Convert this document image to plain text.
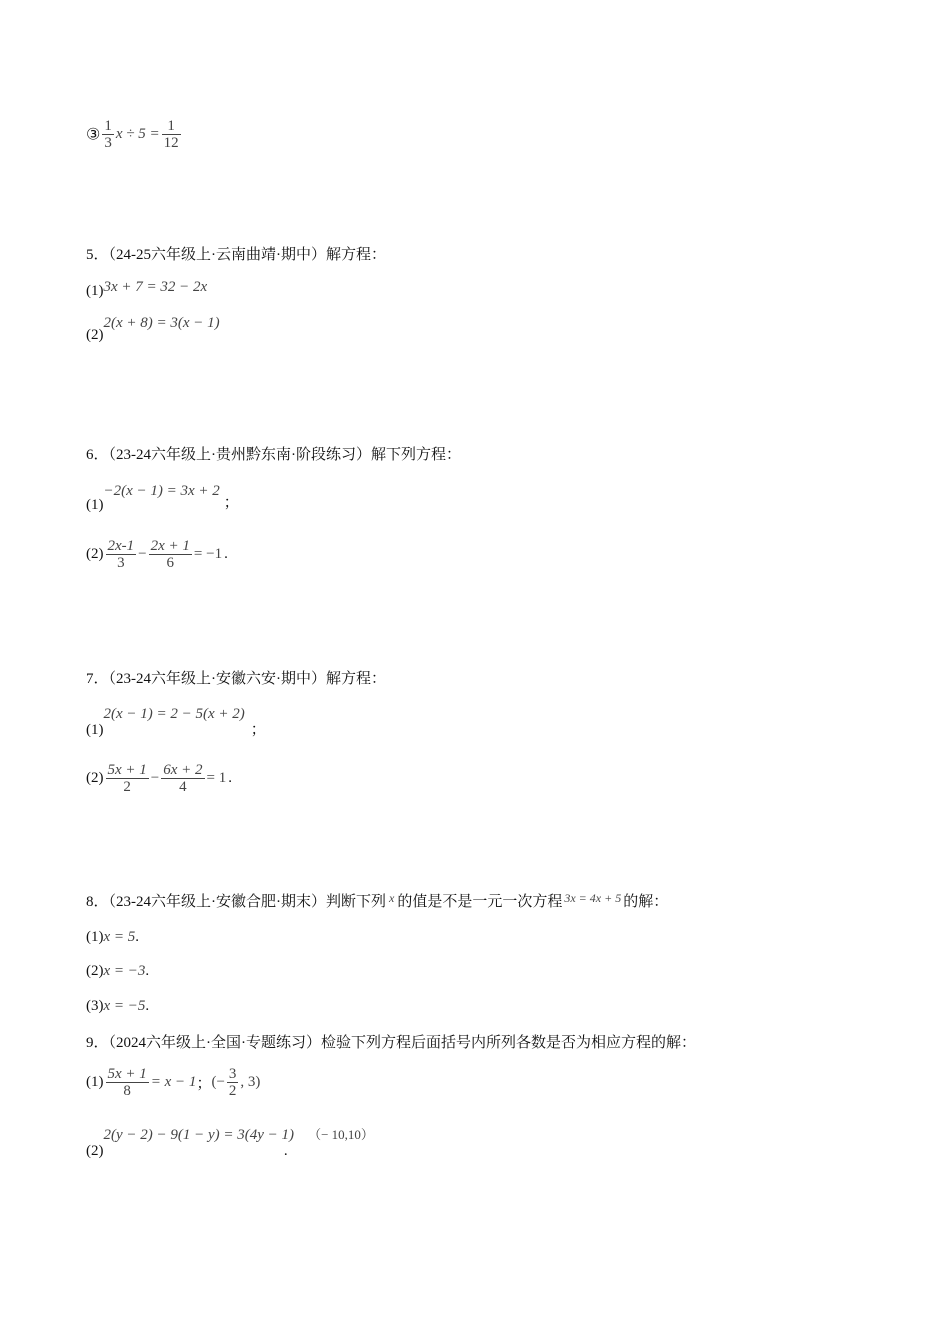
③ $\frac{1}{3}$ $x \div 5 = \frac{1}{12}$
5．（24-25六年级上·云南曲靖·期中）解方程：
(1)3x + 7 = 32 − 2x
(2)2(x + 8) = 3(x − 1)
6．（23-24六年级上·贵州黔东南·阶段练习）解下列方程：
(1)−2(x − 1) = 3x + 2；
$(2) \frac{2x-1}{3} - \frac{2x + 1}{6} = -1$ .
7．（23-24六年级上·安徽六安·期中）解方程：
(1)2(x − 1) = 2 − 5(x + 2)；
$(2) \frac{5x + 1}{2} - \frac{6x + 2}{4} = 1$ .
8．（23-24六年级上·安徽合肥·期末）判断下列 $^x$ 的值是不是一元一次方程 $^{3x = 4x + 5}$ 的解：
(1)x = 5.
(2)x = −3.
(3)x = −5.
9．（2024六年级上·全国·专题练习）检验下列方程后面括号内所列各数是否为相应方程的解：
$(1) \frac{5x + 1}{8} = x - 1$；(− $\frac{3}{2}$ , 3)
(2)2(y − 2) − 9(1 − y) = 3(4y − 1) （− 10,10）.
